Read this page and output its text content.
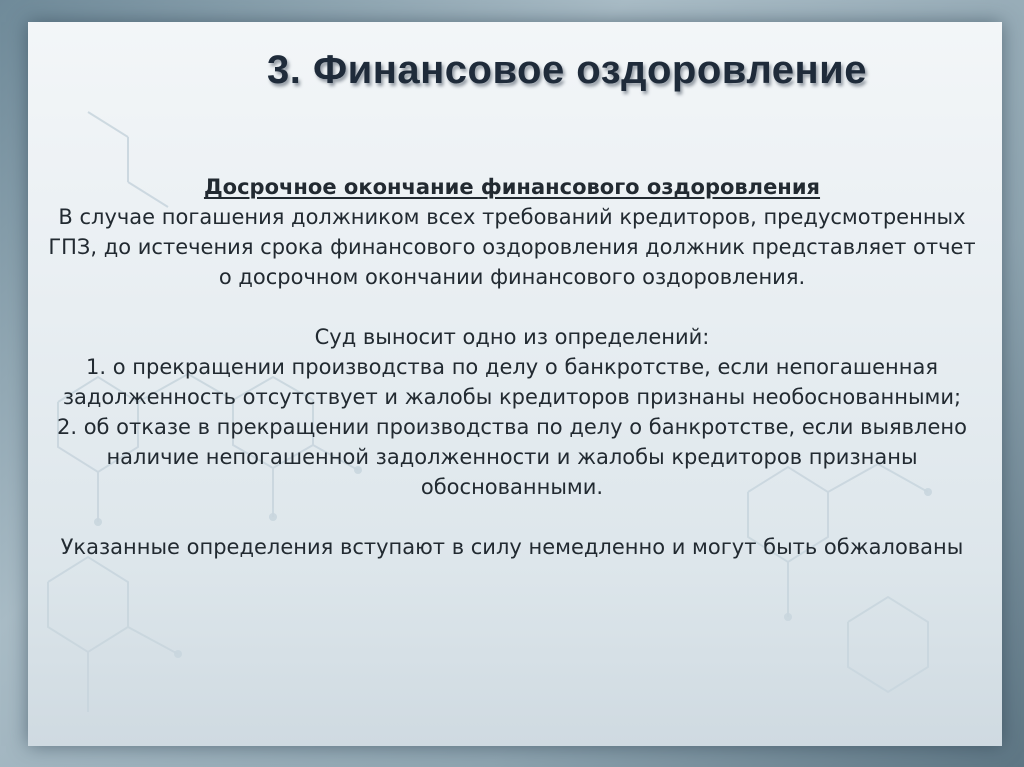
3. Финансовое оздоровление

Досрочное окончание финансового оздоровления

В случае погашения должником всех требований кредиторов, предусмотренных ГПЗ, до истечения срока финансового оздоровления должник представляет отчет о досрочном окончании финансового оздоровления.

Суд выносит одно из определений:

1. о прекращении производства по делу о банкротстве, если непогашенная задолженность отсутствует и жалобы кредиторов признаны необоснованными;

2. об отказе в прекращении производства по делу о банкротстве, если выявлено наличие непогашенной задолженности и жалобы кредиторов признаны обоснованными.

Указанные определения вступают в силу немедленно и могут быть обжалованы
